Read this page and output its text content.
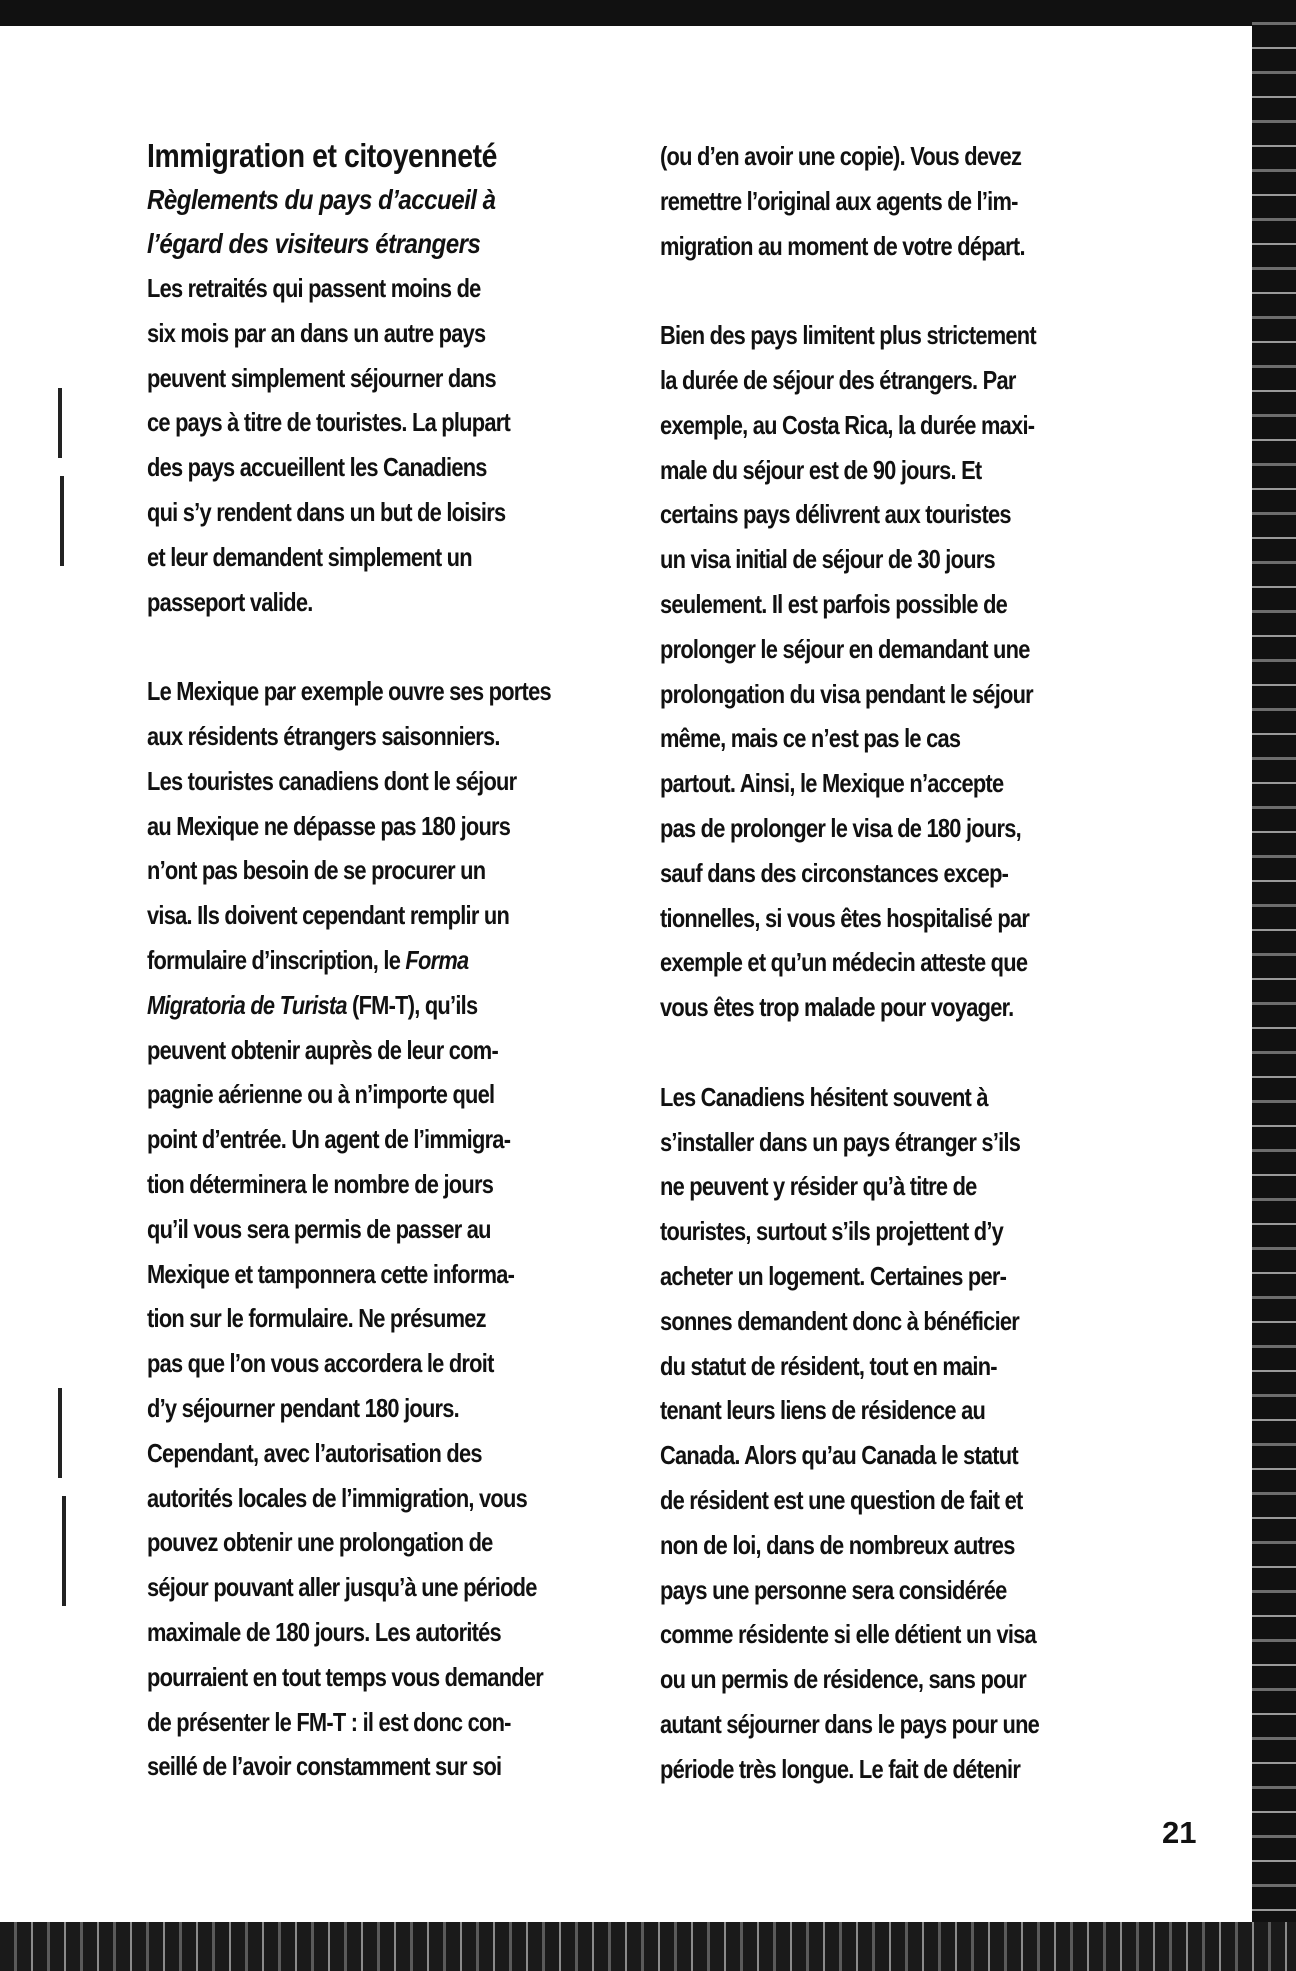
Immigration et citoyenneté
Règlements du pays d’accueil à
l’égard des visiteurs étrangers
Les retraités qui passent moins de
six mois par an dans un autre pays
peuvent simplement séjourner dans
ce pays à titre de touristes. La plupart
des pays accueillent les Canadiens
qui s’y rendent dans un but de loisirs
et leur demandent simplement un
passeport valide.
Le Mexique par exemple ouvre ses portes
aux résidents étrangers saisonniers.
Les touristes canadiens dont le séjour
au Mexique ne dépasse pas 180 jours
n’ont pas besoin de se procurer un
visa. Ils doivent cependant remplir un
formulaire d’inscription, le Forma
Migratoria de Turista (FM-T), qu’ils
peuvent obtenir auprès de leur com-
pagnie aérienne ou à n’importe quel
point d’entrée. Un agent de l’immigra-
tion déterminera le nombre de jours
qu’il vous sera permis de passer au
Mexique et tamponnera cette informa-
tion sur le formulaire. Ne présumez
pas que l’on vous accordera le droit
d’y séjourner pendant 180 jours.
Cependant, avec l’autorisation des
autorités locales de l’immigration, vous
pouvez obtenir une prolongation de
séjour pouvant aller jusqu’à une période
maximale de 180 jours. Les autorités
pourraient en tout temps vous demander
de présenter le FM-T : il est donc con-
seillé de l’avoir constamment sur soi
(ou d’en avoir une copie). Vous devez
remettre l’original aux agents de l’im-
migration au moment de votre départ.
Bien des pays limitent plus strictement
la durée de séjour des étrangers. Par
exemple, au Costa Rica, la durée maxi-
male du séjour est de 90 jours. Et
certains pays délivrent aux touristes
un visa initial de séjour de 30 jours
seulement. Il est parfois possible de
prolonger le séjour en demandant une
prolongation du visa pendant le séjour
même, mais ce n’est pas le cas
partout. Ainsi, le Mexique n’accepte
pas de prolonger le visa de 180 jours,
sauf dans des circonstances excep-
tionnelles, si vous êtes hospitalisé par
exemple et qu’un médecin atteste que
vous êtes trop malade pour voyager.
Les Canadiens hésitent souvent à
s’installer dans un pays étranger s’ils
ne peuvent y résider qu’à titre de
touristes, surtout s’ils projettent d’y
acheter un logement. Certaines per-
sonnes demandent donc à bénéficier
du statut de résident, tout en main-
tenant leurs liens de résidence au
Canada. Alors qu’au Canada le statut
de résident est une question de fait et
non de loi, dans de nombreux autres
pays une personne sera considérée
comme résidente si elle détient un visa
ou un permis de résidence, sans pour
autant séjourner dans le pays pour une
période très longue. Le fait de détenir
21
